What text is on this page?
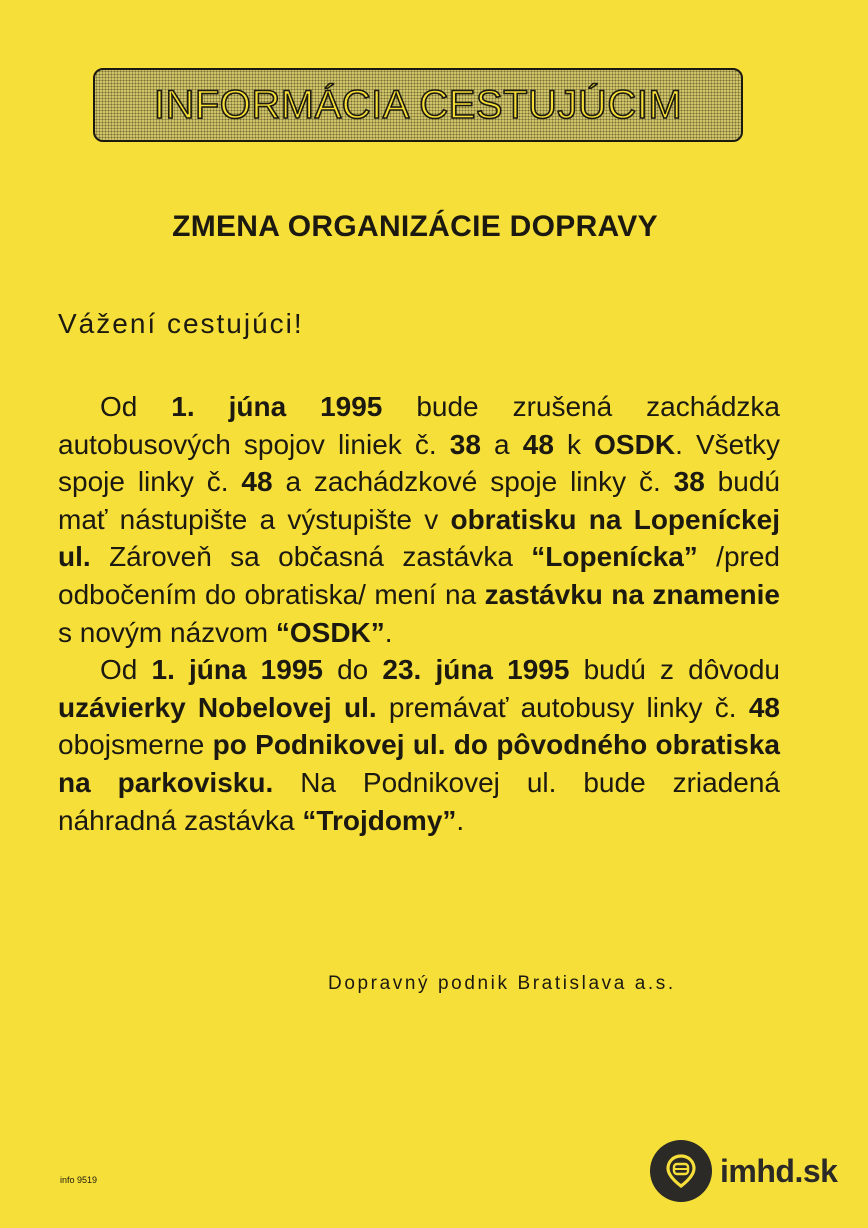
INFORMÁCIA CESTUJÚCIM
ZMENA ORGANIZÁCIE DOPRAVY
Vážení cestujúci!

Od 1. júna 1995 bude zrušená zachádzka autobusových spojov liniek č. 38 a 48 k OSDK. Všetky spoje linky č. 48 a zachádzkové spoje linky č. 38 budú mať nástupište a výstupište v obratisku na Lopeníckej ul. Zároveň sa občasná zastávka “Lopenícka” /pred odbočením do obratiska/ mení na zastávku na znamenie s novým názvom “OSDK”.

Od 1. júna 1995 do 23. júna 1995 budú z dôvodu uzávierky Nobelovej ul. premávať autobusy linky č. 48 obojsmerne po Podnikovej ul. do pôvodného obratiska na parkovisku. Na Podnikovej ul. bude zriadená náhradná zastávka “Trojdomy”.

Dopravný podnik Bratislava a.s.
info 9519	imhd.sk
